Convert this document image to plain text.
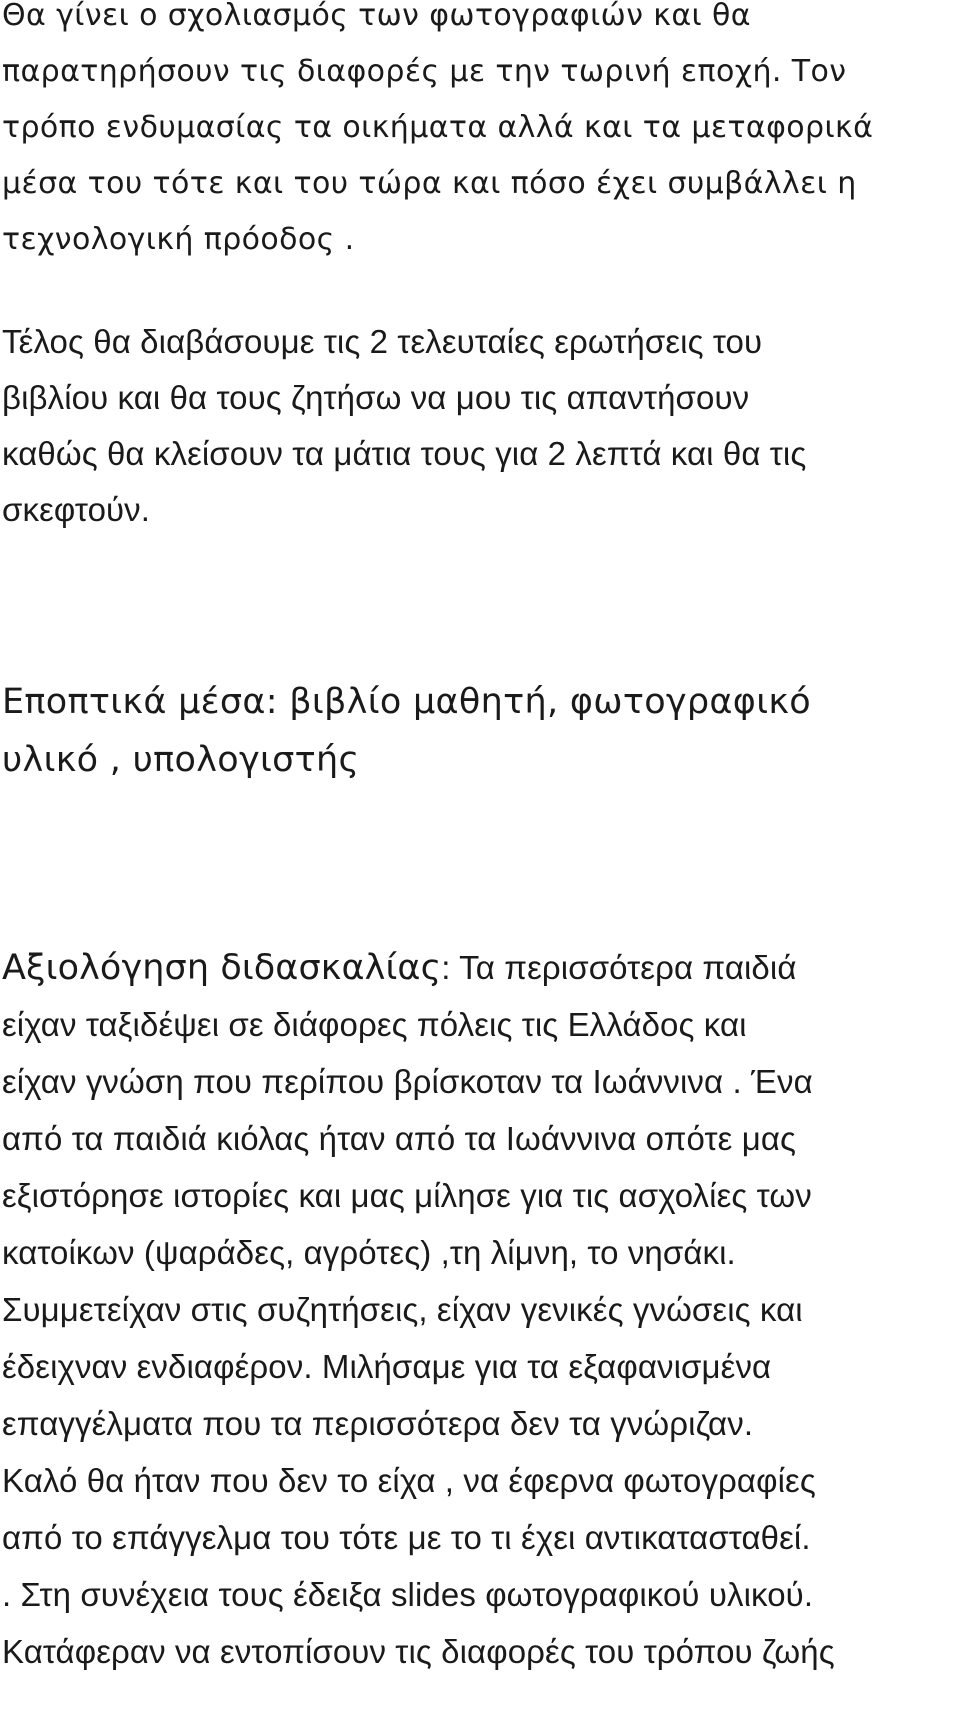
Θα γίνει ο σχολιασμός των φωτογραφιών και θα
παρατηρήσουν τις διαφορές με την τωρινή εποχή. Τον
τρόπο ενδυμασίας τα οικήματα αλλά και τα μεταφορικά
μέσα του τότε και του τώρα και πόσο έχει συμβάλλει η
τεχνολογική πρόοδος .
Τέλος θα διαβάσουμε τις 2 τελευταίες ερωτήσεις του
βιβλίου και θα τους ζητήσω να μου τις απαντήσουν
καθώς θα κλείσουν τα μάτια τους για 2 λεπτά και θα τις
σκεφτούν.
Εποπτικά μέσα: βιβλίο μαθητή, φωτογραφικό
υλικό , υπολογιστής
Αξιολόγηση διδασκαλίας: Τα περισσότερα παιδιά
είχαν ταξιδέψει σε διάφορες πόλεις τις Ελλάδος και
είχαν γνώση που περίπου βρίσκοταν τα Ιωάννινα . Ένα
από τα παιδιά κιόλας ήταν από τα Ιωάννινα οπότε μας
εξιστόρησε ιστορίες και μας μίλησε για τις ασχολίες των
κατοίκων (ψαράδες, αγρότες) ,τη λίμνη, το νησάκι.
Συμμετείχαν στις συζητήσεις, είχαν γενικές γνώσεις και
έδειχναν ενδιαφέρον. Μιλήσαμε για τα εξαφανισμένα
επαγγέλματα που τα περισσότερα δεν τα γνώριζαν.
Καλό θα ήταν που δεν το είχα , να έφερνα φωτογραφίες
από το επάγγελμα του τότε με το τι έχει αντικατασταθεί.
. Στη συνέχεια τους έδειξα slides φωτογραφικού υλικού.
Κατάφεραν να εντοπίσουν τις διαφορές του τρόπου ζωής
